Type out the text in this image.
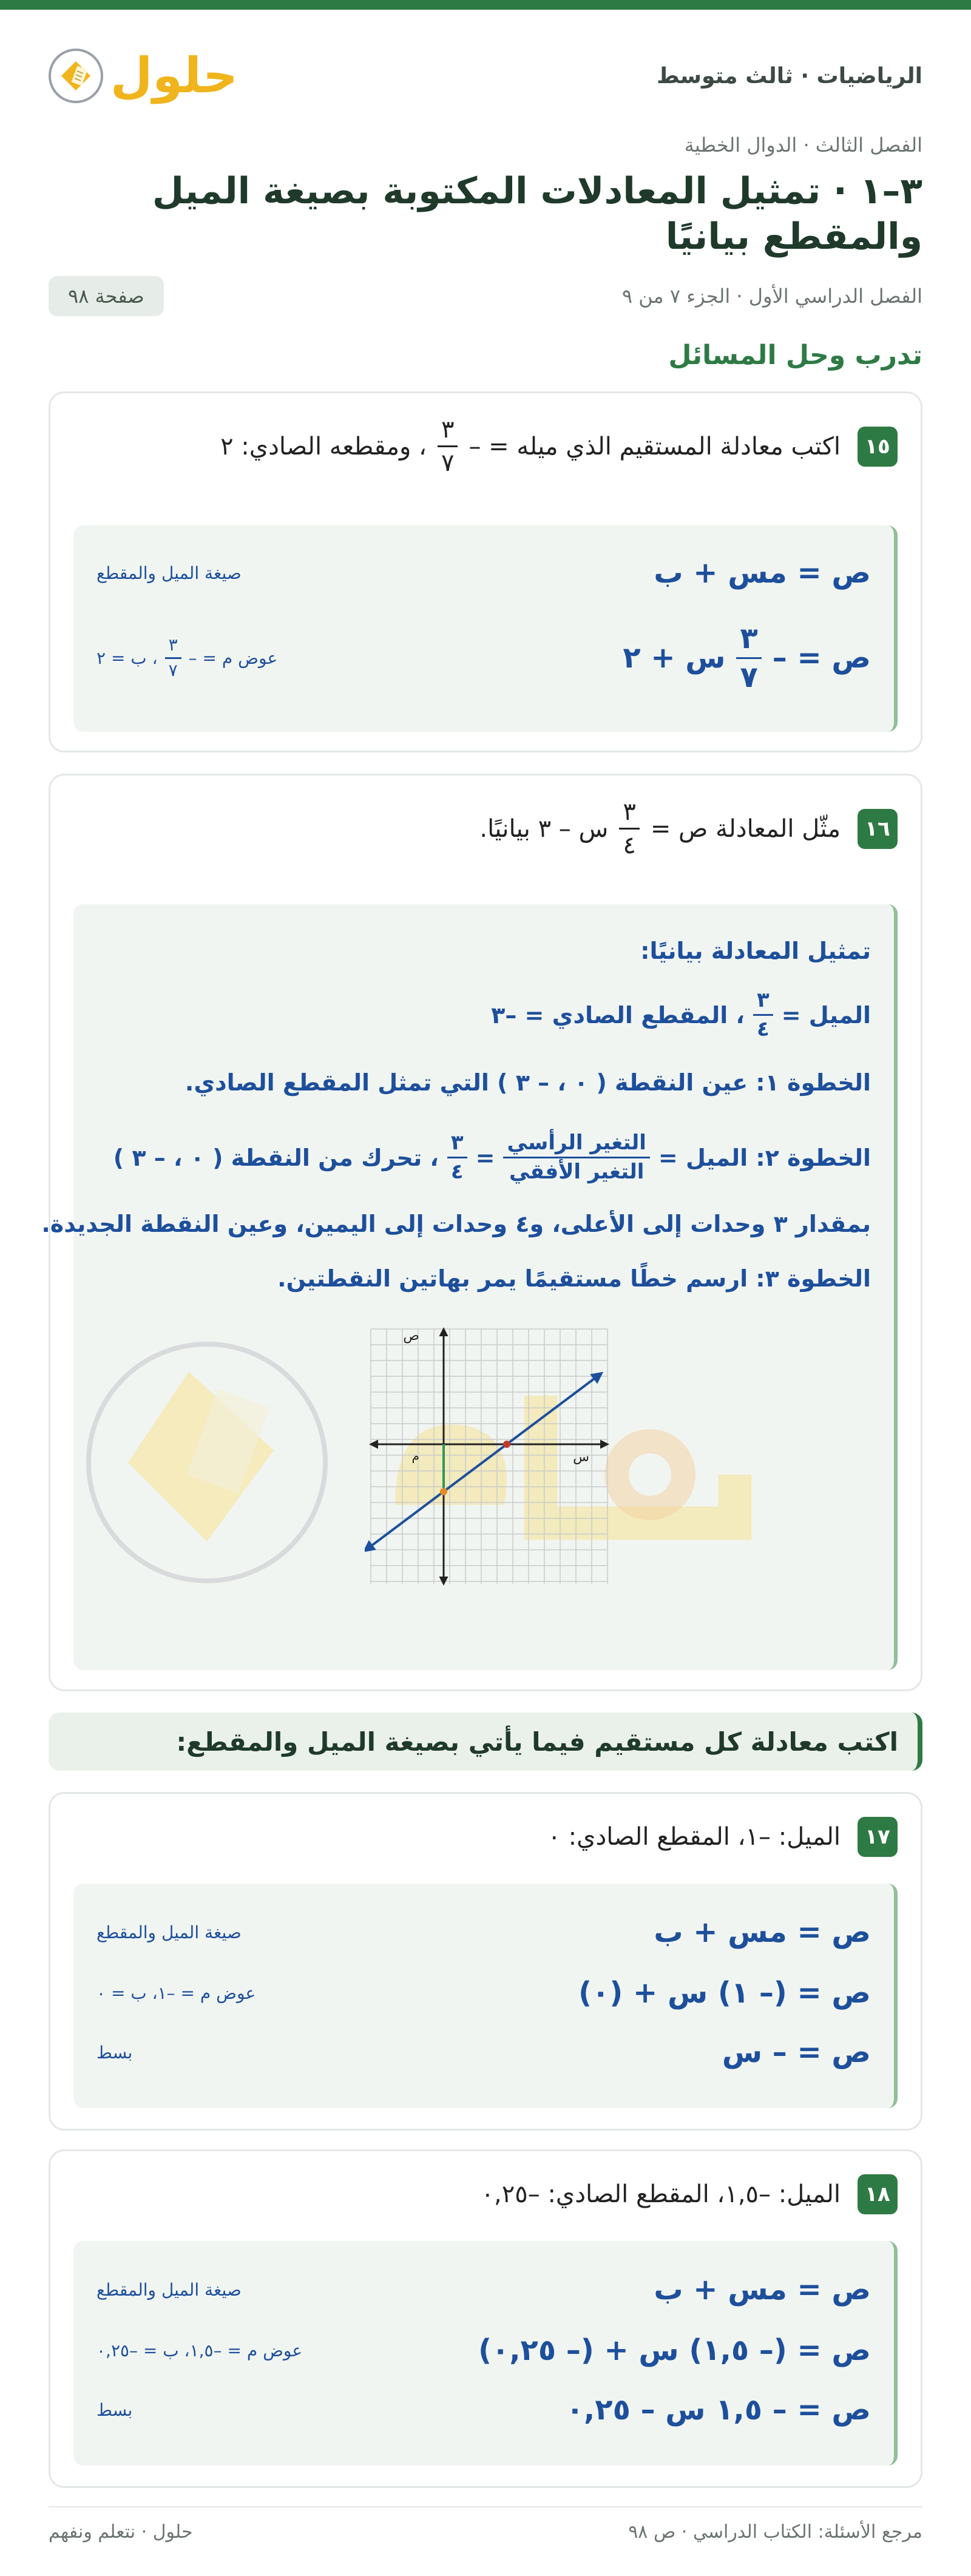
الرياضيات · ثالث متوسط
حلول
الفصل الثالث · الدوال الخطية
٣–١ · تمثيل المعادلات المكتوبة بصيغة الميل والمقطع بيانيًا
الفصل الدراسي الأول · الجزء ٧ من ٩
صفحة ٩٨
تدرب وحل المسائل
١٥
اكتب معادلة المستقيم الذي ميله = –
$\frac{٣}{٧}$
، ومقطعه الصادي: ٢
ص = مس + ب
صيغة الميل والمقطع
ص = –
$\frac{٣}{٧}$
س + ٢
عوض م = –
$\frac{٣}{٧}$
، ب = ٢
١٦
مثّل المعادلة ص =
$\frac{٣}{٤}$
س – ٣ بيانيًا.
تمثيل المعادلة بيانيًا:
الميل =
$\frac{٣}{٤}$
، المقطع الصادي = –٣
الخطوة ١: عين النقطة ( ٠ ، – ٣ ) التي تمثل المقطع الصادي.
الخطوة ٢: الميل =
$\frac{\text{التغير الرأسي}}{\text{التغير الأفقي}}$
=
$\frac{٣}{٤}$
، تحرك من النقطة ( ٠ ، – ٣ )
بمقدار ٣ وحدات إلى الأعلى، و٤ وحدات إلى اليمين، وعين النقطة الجديدة.
الخطوة ٣: ارسم خطًا مستقيمًا يمر بهاتين النقطتين.
ص
س
م
اكتب معادلة كل مستقيم فيما يأتي بصيغة الميل والمقطع:
١٧
الميل: –١، المقطع الصادي: ٠
ص = مس + ب
صيغة الميل والمقطع
ص = (– ١) س + (٠)
عوض م = –١، ب = ٠
ص = – س
بسط
١٨
الميل: –١,٥، المقطع الصادي: –٠,٢٥
ص = مس + ب
صيغة الميل والمقطع
ص = (– ١,٥) س + (– ٠,٢٥)
عوض م = –١,٥، ب = –٠,٢٥
ص = – ١,٥ س – ٠,٢٥
بسط
مرجع الأسئلة: الكتاب الدراسي · ص ٩٨
حلول · نتعلم ونفهم
